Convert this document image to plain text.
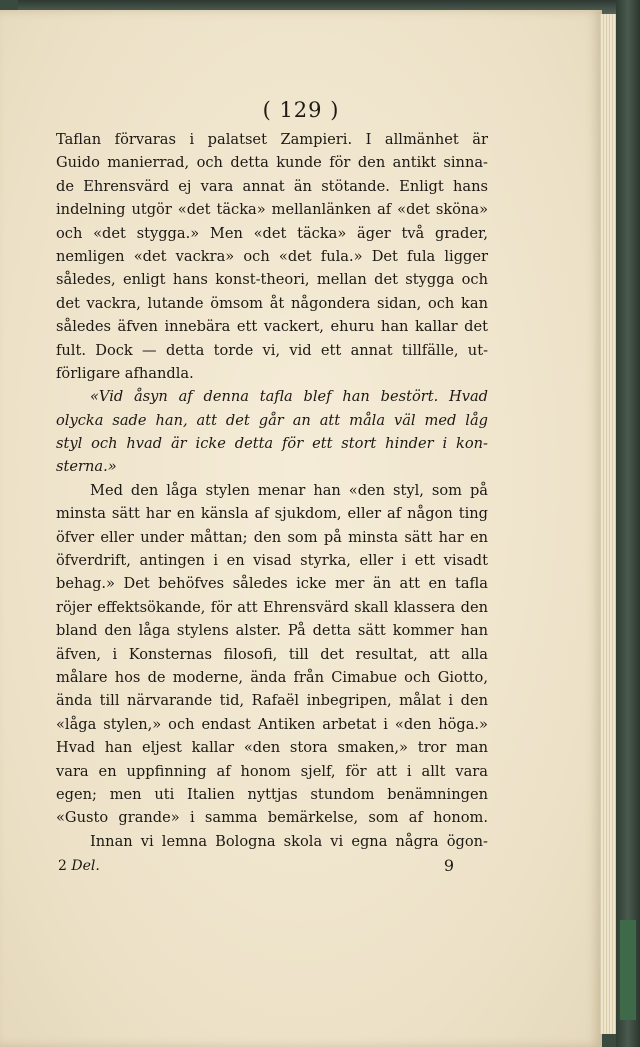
( 129 )
Taflan förvaras i palatset Zampieri. I allmänhet är
Guido manierrad, och detta kunde för den antikt sinna-
de Ehrensvärd ej vara annat än stötande. Enligt hans
indelning utgör «det täcka» mellanlänken af «det sköna»
och «det stygga.» Men «det täcka» äger två grader,
nemligen «det vackra» och «det fula.» Det fula ligger
således, enligt hans konst-theori, mellan det stygga och
det vackra, lutande ömsom åt någondera sidan, och kan
således äfven innebära ett vackert, ehuru han kallar det
fult. Dock — detta torde vi, vid ett annat tillfälle, ut-
förligare afhandla.
«Vid åsyn af denna tafla blef han bestört. Hvad
olycka sade han, att det går an att måla väl med låg
styl och hvad är icke detta för ett stort hinder i kon-
sterna.»
Med den låga stylen menar han «den styl, som på
minsta sätt har en känsla af sjukdom, eller af någon ting
öfver eller under måttan; den som på minsta sätt har en
öfverdrift, antingen i en visad styrka, eller i ett visadt
behag.» Det behöfves således icke mer än att en tafla
röjer effektsökande, för att Ehrensvärd skall klassera den
bland den låga stylens alster. På detta sätt kommer han
äfven, i Konsternas filosofi, till det resultat, att alla
målare hos de moderne, ända från Cimabue och Giotto,
ända till närvarande tid, Rafaël inbegripen, målat i den
«låga stylen,» och endast Antiken arbetat i «den höga.»
Hvad han eljest kallar «den stora smaken,» tror man
vara en uppfinning af honom sjelf, för att i allt vara
egen; men uti Italien nyttjas stundom benämningen
«Gusto grande» i samma bemärkelse, som af honom.
Innan vi lemna Bologna skola vi egna några ögon-
2 Del.	9
